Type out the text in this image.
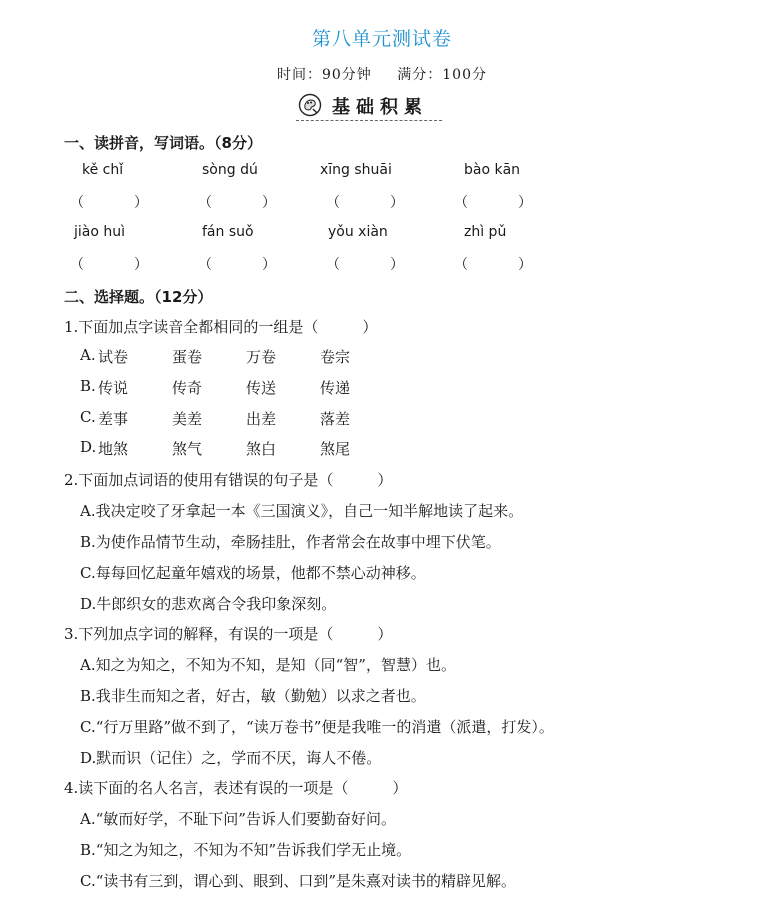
第八单元测试卷
时间：90分钟 满分：100分
基础积累
一、读拼音，写词语。（8分）
kě chǐ	sòng dú	xīng shuāi	bào kān
（	）	（	）	（	）	（	）
jiào huì	fán suǒ	yǒu xiàn	zhì pǔ
（	）	（	）	（	）	（	）
二、选择题。（12分）
1.下面加点字读音全都相同的一组是（	）
A. 试卷	蛋卷	万卷	卷宗
B. 传说	传奇	传送	传递
C. 差事	美差	出差	落差
D. 地煞	煞气	煞白	煞尾
2.下面加点词语的使用有错误的句子是（	）
A.我决定咬了牙拿起一本《三国演义》，自己一知半解地读了起来。
B.为使作品情节生动，牵肠挂肚，作者常会在故事中埋下伏笔。
C.每每回忆起童年嬉戏的场景，他都不禁心动神移。
D.牛郎织女的悲欢离合令我印象深刻。
3.下列加点字词的解释，有误的一项是（	）
A.知之为知之，不知为不知，是知（同“智”，智慧）也。
B.我非生而知之者，好古，敏（勤勉）以求之者也。
C.“行万里路”做不到了，“读万卷书”便是我唯一的消遣（派遣，打发）。
D.默而识（记住）之，学而不厌，诲人不倦。
4.读下面的名人名言，表述有误的一项是（	）
A.“敏而好学，不耻下问”告诉人们要勤奋好问。
B.“知之为知之，不知为不知”告诉我们学无止境。
C.“读书有三到，谓心到、眼到、口到”是朱熹对读书的精辟见解。
